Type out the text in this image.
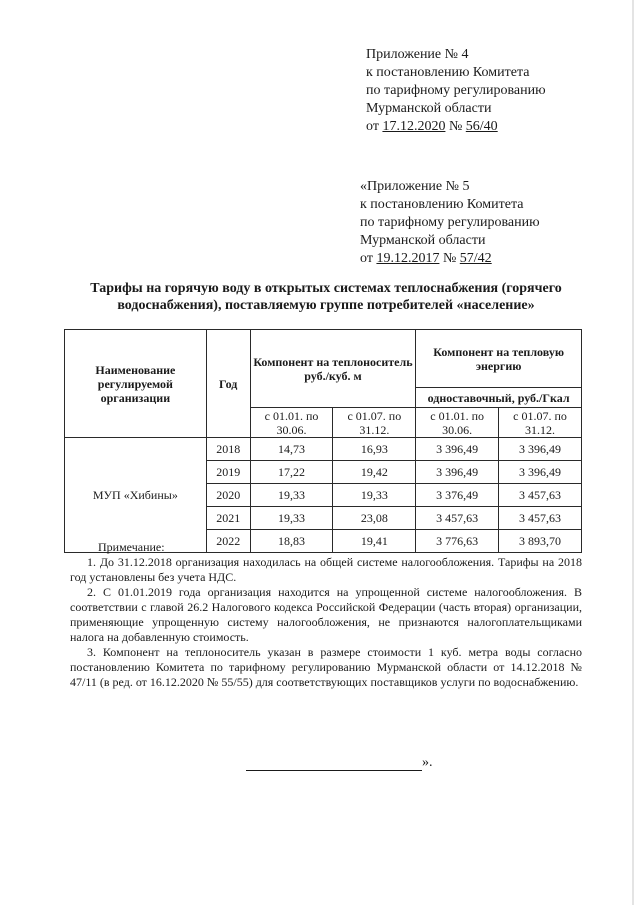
Приложение № 4
к постановлению Комитета
по тарифному регулированию
Мурманской области
от 17.12.2020 № 56/40
«Приложение № 5
к постановлению Комитета
по тарифному регулированию
Мурманской области
от 19.12.2017 № 57/42
Тарифы на горячую воду в открытых системах теплоснабжения (горячего водоснабжения), поставляемую группе потребителей «население»
Наименование регулируемой организации	Год	Компонент на теплоноситель руб./куб. м		Компонент на тепловую энергию	
				одноставочный, руб./Гкал	
		с 01.01. по 30.06.	с 01.07. по 31.12.	с 01.01. по 30.06.	с 01.07. по 31.12.
МУП «Хибины»	2018	14,73	16,93	3 396,49	3 396,49
	2019	17,22	19,42	3 396,49	3 396,49
	2020	19,33	19,33	3 376,49	3 457,63
	2021	19,33	23,08	3 457,63	3 457,63
	2022	18,83	19,41	3 776,63	3 893,70

Примечание:

1. До 31.12.2018 организация находилась на общей системе налогообложения. Тарифы на 2018 год установлены без учета НДС.

2. С 01.01.2019 года организация находится на упрощенной системе налогообложения. В соответствии с главой 26.2 Налогового кодекса Российской Федерации (часть вторая) организации, применяющие упрощенную систему налогообложения, не признаются налогоплательщиками налога на добавленную стоимость.

3. Компонент на теплоноситель указан в размере стоимости 1 куб. метра воды согласно постановлению Комитета по тарифному регулированию Мурманской области от 14.12.2018 № 47/11 (в ред. от 16.12.2020 № 55/55) для соответствующих поставщиков услуги по водоснабжению.

».
